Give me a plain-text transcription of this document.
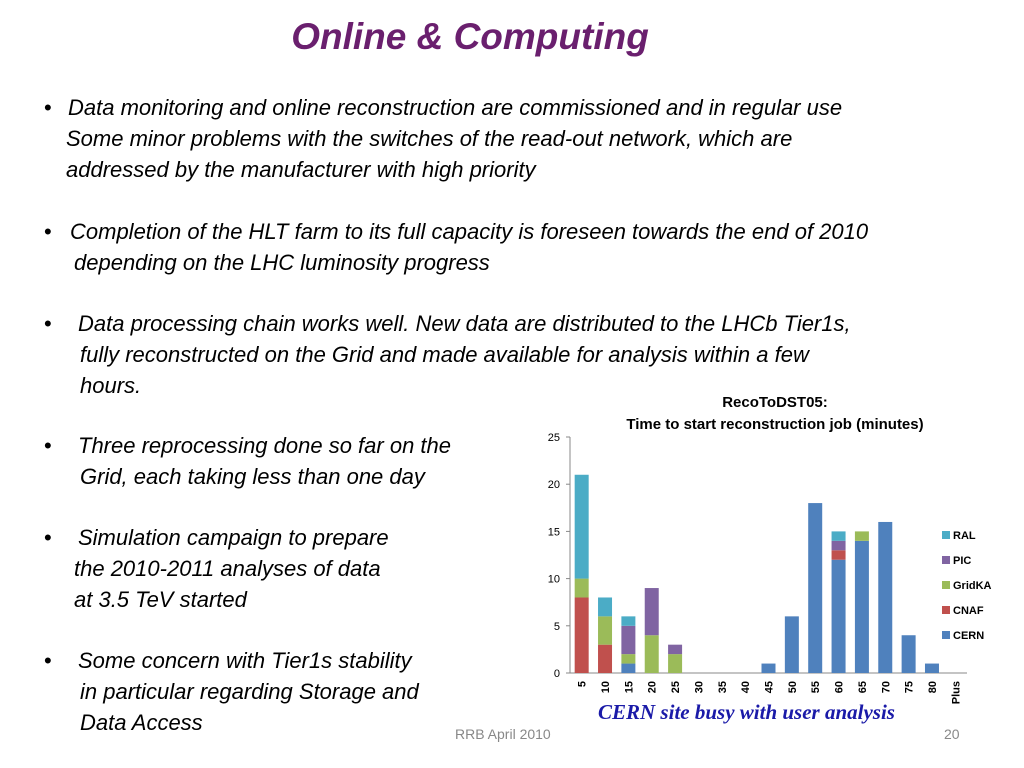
Online & Computing
• Data monitoring and online reconstruction are commissioned and in regular use
Some minor problems with the switches of the read-out network, which are
addressed by the manufacturer with high priority
• Completion of the HLT farm to its full capacity is foreseen towards the end of 2010
depending on the LHC luminosity progress
• Data processing chain works well. New data are distributed to the LHCb Tier1s,
fully reconstructed on the Grid and made available for analysis within a few
hours.
• Three reprocessing done so far on the
Grid, each taking less than one day
• Simulation campaign to prepare
the 2010-2011 analyses of data
at 3.5 TeV started
• Some concern with Tier1s stability
in particular regarding Storage and
Data Access
RecoToDST05:
Time to start reconstruction job (minutes)
0
5
10
15
20
25
5 10 15 20 25 30 35 40 45 50 55 60 65 70 75 80 Plus
RAL
PIC
GridKA
CNAF
CERN
CERN site busy with user analysis
RRB April 2010	20
